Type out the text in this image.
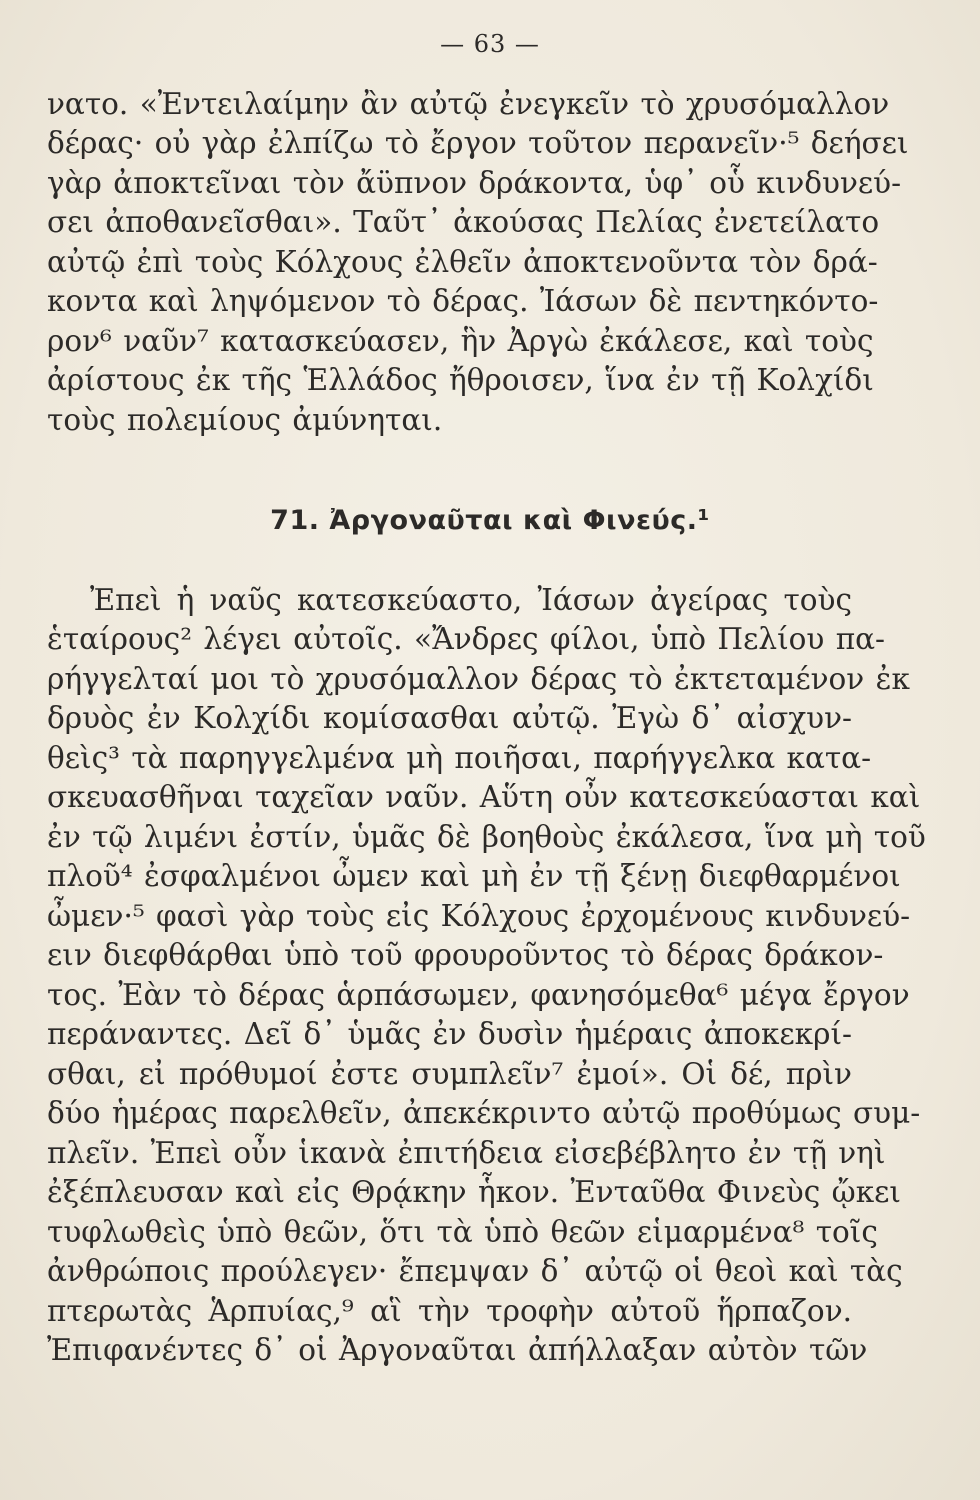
— 63 —
νατο. «Ἐντειλαίμην ἂν αὐτῷ ἐνεγκεῖν τὸ χρυσόμαλλον
δέρας· οὐ γὰρ ἐλπίζω τὸ ἔργον τοῦτον περανεῖν·⁵ δεήσει
γὰρ ἀποκτεῖναι τὸν ἄϋπνον δράκοντα, ὑφ᾽ οὗ κινδυνεύ-
σει ἀποθανεῖσθαι». Ταῦτ᾽ ἀκούσας Πελίας ἐνετείλατο
αὐτῷ ἐπὶ τοὺς Κόλχους ἐλθεῖν ἀποκτενοῦντα τὸν δρά-
κοντα καὶ ληψόμενον τὸ δέρας. Ἰάσων δὲ πεντηκόντο-
ρον⁶ ναῦν⁷ κατασκεύασεν, ἣν Ἀργὼ ἐκάλεσε, καὶ τοὺς
ἀρίστους ἐκ τῆς Ἑλλάδος ἤθροισεν, ἵνα ἐν τῇ Κολχίδι
τοὺς πολεμίους ἀμύνηται.
71. Ἀργοναῦται καὶ Φινεύς.¹
Ἐπεὶ ἡ ναῦς κατεσκεύαστο, Ἰάσων ἀγείρας τοὺς
ἑταίρους² λέγει αὐτοῖς. «Ἄνδρες φίλοι, ὑπὸ Πελίου πα-
ρήγγελταί μοι τὸ χρυσόμαλλον δέρας τὸ ἐκτεταμένον ἐκ
δρυὸς ἐν Κολχίδι κομίσασθαι αὐτῷ. Ἐγὼ δ᾽ αἰσχυν-
θεὶς³ τὰ παρηγγελμένα μὴ ποιῆσαι, παρήγγελκα κατα-
σκευασθῆναι ταχεῖαν ναῦν. Αὕτη οὖν κατεσκεύασται καὶ
ἐν τῷ λιμένι ἐστίν, ὑμᾶς δὲ βοηθοὺς ἐκάλεσα, ἵνα μὴ τοῦ
πλοῦ⁴ ἐσφαλμένοι ὦμεν καὶ μὴ ἐν τῇ ξένῃ διεφθαρμένοι
ὦμεν·⁵ φασὶ γὰρ τοὺς εἰς Κόλχους ἐρχομένους κινδυνεύ-
ειν διεφθάρθαι ὑπὸ τοῦ φρουροῦντος τὸ δέρας δράκον-
τος. Ἐὰν τὸ δέρας ἁρπάσωμεν, φανησόμεθα⁶ μέγα ἔργον
περάναντες. Δεῖ δ᾽ ὑμᾶς ἐν δυσὶν ἡμέραις ἀποκεκρί-
σθαι, εἰ πρόθυμοί ἐστε συμπλεῖν⁷ ἐμοί». Οἱ δέ, πρὶν
δύο ἡμέρας παρελθεῖν, ἀπεκέκριντο αὐτῷ προθύμως συμ-
πλεῖν. Ἐπεὶ οὖν ἱκανὰ ἐπιτήδεια εἰσεβέβλητο ἐν τῇ νηὶ
ἐξέπλευσαν καὶ εἰς Θρᾴκην ἧκον. Ἐνταῦθα Φινεὺς ᾤκει
τυφλωθεὶς ὑπὸ θεῶν, ὅτι τὰ ὑπὸ θεῶν εἱμαρμένα⁸ τοῖς
ἀνθρώποις προύλεγεν· ἔπεμψαν δ᾽ αὐτῷ οἱ θεοὶ καὶ τὰς
πτερωτὰς Ἁρπυίας,⁹ αἳ τὴν τροφὴν αὐτοῦ ἥρπαζον.
Ἐπιφανέντες δ᾽ οἱ Ἀργοναῦται ἀπήλλαξαν αὐτὸν τῶν
